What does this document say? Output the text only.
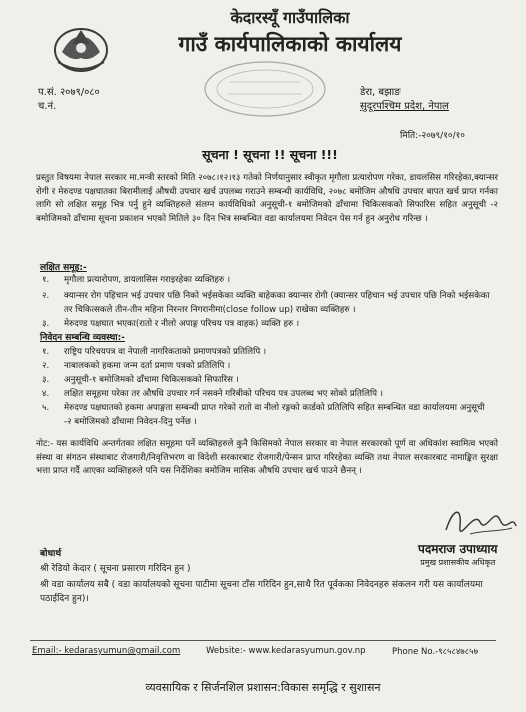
केदारस्यूँ गाउँपालिका
गाउँ कार्यपालिकाको कार्यालय
प.सं. २०७९/०८०
च.नं.
डेरा, बझाङ
सुदूरपश्चिम प्रदेश, नेपाल
मिति:-२०७९/१०/१०
सूचना ! सूचना !! सूचना !!!
प्रस्तुत विषयमा नेपाल सरकार मा.मन्त्री स्तरको मिति २०७८।१२।१३ गतेको निर्णयानुसार स्वीकृत मृगौला प्रत्यारोपण गरेका, डायलसिस गरिरहेका,क्यान्सर रोगी र मेरुदण्ड पक्षघातका बिरामीलाई औषधी उपचार खर्च उपलब्ध गराउने सम्बन्धी कार्यविधि, २०७८ बमोजिम औषधि उपचार बापत खर्च प्राप्त गर्नका लागि सो लक्षित समूह भित्र पर्नु हुने व्यक्तिहरुले संलग्न कार्यविधिको अनुसूची-१ बमोजिमको ढाँचामा चिकित्सकको सिफारिस सहित अनुसूची -२ बमोजिमको ढाँचामा सूचना प्रकाशन भएको मितिले ३० दिन भित्र सम्बन्धित वडा कार्यालयमा निवेदन पेस गर्न हुन अनुरोध गरिन्छ ।
लक्षित समूह:-
१.	मृगौला प्रत्यारोपण, डायलासिस गराइरहेका व्यक्तिहरु ।
२.	क्यान्सर रोग पहिचान भई उपचार पछि निको भईसकेका व्यक्ति बाहेकका क्यान्सर रोगी (क्यान्सर पहिचान भई उपचार पछि निको भईसकेका तर चिकित्सकले तीन-तीन महिना निरन्तर निगरानीमा(close follow up) राखेका व्यक्तिहरु ।
३.	मेरुदण्ड पक्षघात भएका(रातो र नीलो अपाङ्ग परिचय पत्र वाहक) व्यक्ति हरु ।
निवेदन सम्बन्धि व्यवस्था:-
१.	राष्ट्रिय परिचयपत्र वा नेपाली नागरिकताको प्रमाणपत्रको प्रतिलिपि ।
२.	नाबालकको हकमा जन्म दर्ता प्रमाण पत्रको प्रतिलिपि ।
३.	अनुसूची-१ बमोजिमको ढाँचामा चिकित्सकको सिफारिस ।
४.	लक्षित समूहमा परेका तर औषधि उपचार गर्न नसक्ने गरिबीको परिचय पत्र उपलब्ध भए सोको प्रतिलिपि ।
५.	मेरुदण्ड पक्षघातको हकमा अपाङ्गता सम्बन्धी प्राप्त गरेको रातो वा नीलो रङ्गको कार्डको प्रतिलिपि सहित सम्बन्धित वडा कार्यालयमा अनुसूची -२ बमोजिमको ढाँचामा निवेदन-दिनु पर्नेछ ।
नोट:- यस कार्यविधि अन्तर्गतका लक्षित समूहमा पर्ने व्यक्तिहरुले कुनै किसिमको नेपाल सरकार वा नेपाल सरकारको पूर्ण वा अधिकांश स्वामित्व भएको संस्था वा संगठन संस्थाबाट रोजगारी/निवृत्तिभरण वा विदेशी सरकारबाट रोजगारी/पेन्सन प्राप्त गरिरहेका व्यक्ति तथा नेपाल सरकारबाट नामाङ्कित सुरक्षा भत्ता प्राप्त गर्दै आएका व्यक्तिहरुले पनि यस निर्देशिका बमोजिम मासिक औषधि उपचार खर्च पाउने छैनन् ।
पदमराज उपाध्याय
प्रमुख प्रशासकीय अधिकृत
बोधार्थ
श्री रेडियो केदार ( सूचना प्रसारण गरिदिन हुन )
श्री वडा कार्यालय सबै ( वडा कार्यालयको सूचना पाटीमा सूचना टाँस गरिदिन हुन,साथै रित पूर्वकका निवेदनहरु संकलन गरी यस कार्यालयमा पठाईदिन हुन)।
Email:- kedarasyumun@gmail.com	Website:- www.kedarasyumun.gov.np	Phone No.-९८५८४७८५७
व्यवसायिक र सिर्जनशिल प्रशासन:विकास समृद्धि र सुशासन
